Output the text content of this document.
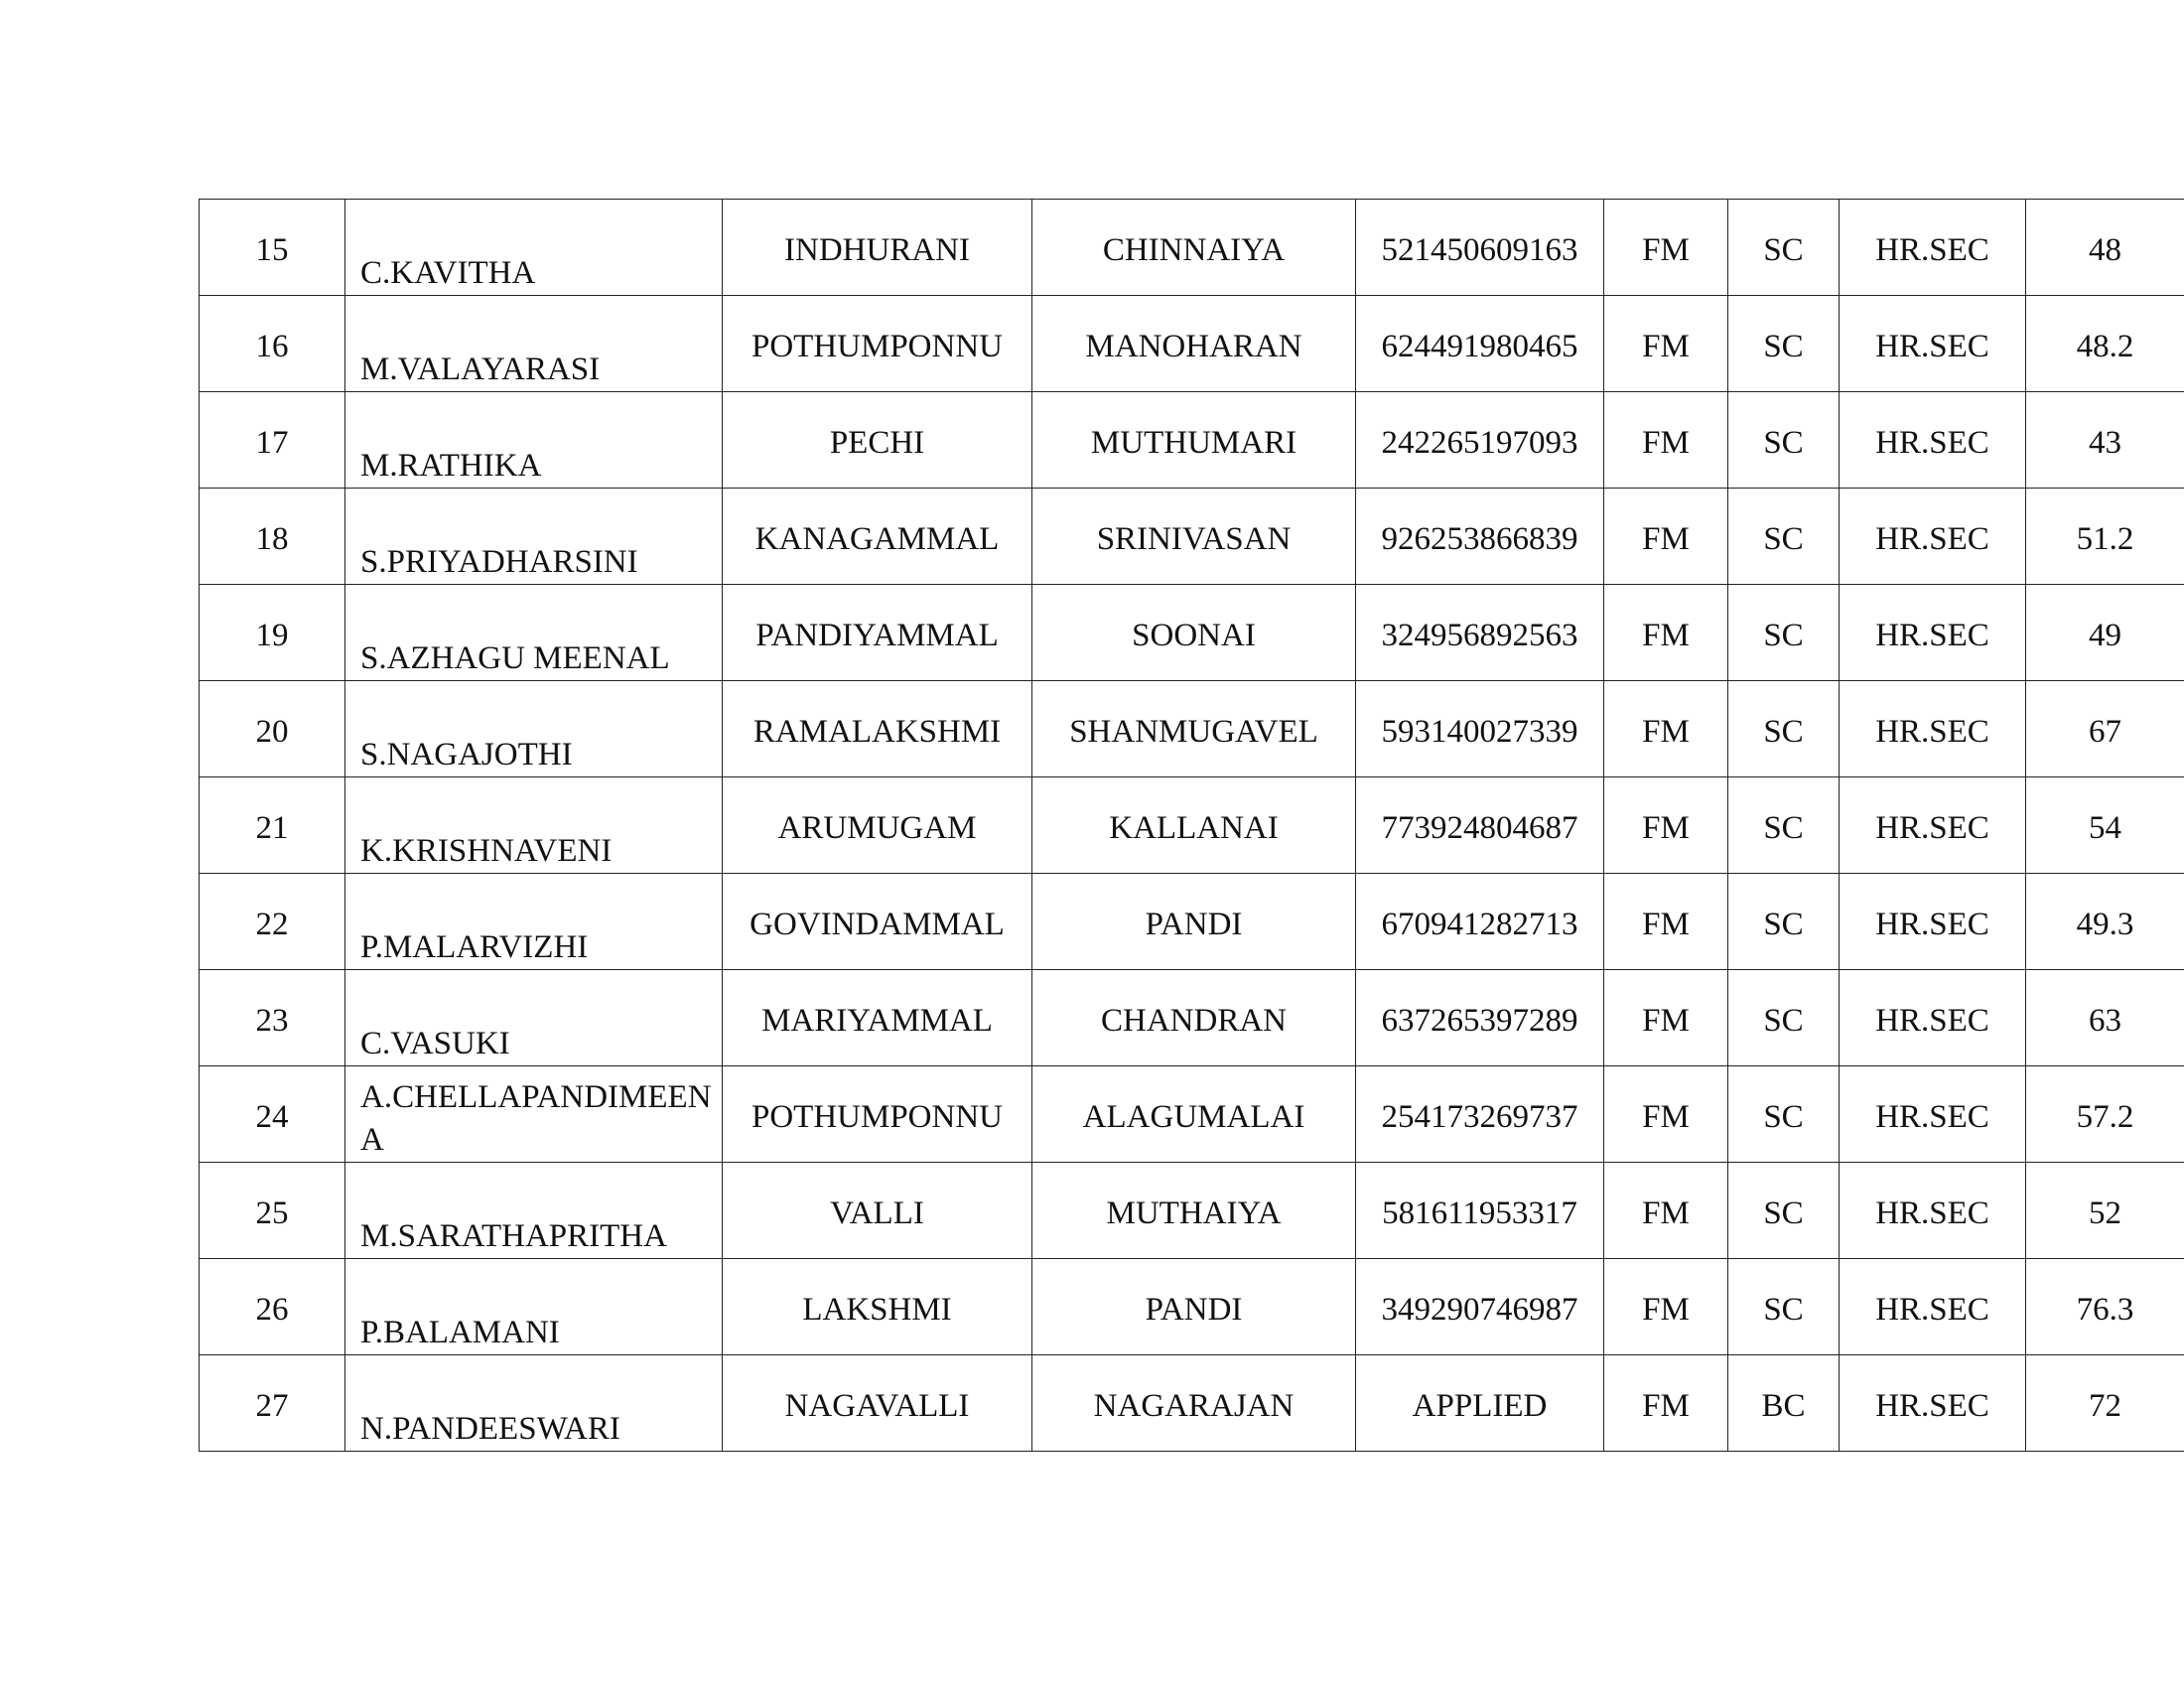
15	C.KAVITHA	INDHURANI	CHINNAIYA	521450609163	FM	SC	HR.SEC	48
16	M.VALAYARASI	POTHUMPONNU	MANOHARAN	624491980465	FM	SC	HR.SEC	48.2
17	M.RATHIKA	PECHI	MUTHUMARI	242265197093	FM	SC	HR.SEC	43
18	S.PRIYADHARSINI	KANAGAMMAL	SRINIVASAN	926253866839	FM	SC	HR.SEC	51.2
19	S.AZHAGU MEENAL	PANDIYAMMAL	SOONAI	324956892563	FM	SC	HR.SEC	49
20	S.NAGAJOTHI	RAMALAKSHMI	SHANMUGAVEL	593140027339	FM	SC	HR.SEC	67
21	K.KRISHNAVENI	ARUMUGAM	KALLANAI	773924804687	FM	SC	HR.SEC	54
22	P.MALARVIZHI	GOVINDAMMAL	PANDI	670941282713	FM	SC	HR.SEC	49.3
23	C.VASUKI	MARIYAMMAL	CHANDRAN	637265397289	FM	SC	HR.SEC	63
24	A.CHELLAPANDIMEENA	POTHUMPONNU	ALAGUMALAI	254173269737	FM	SC	HR.SEC	57.2
25	M.SARATHAPRITHA	VALLI	MUTHAIYA	581611953317	FM	SC	HR.SEC	52
26	P.BALAMANI	LAKSHMI	PANDI	349290746987	FM	SC	HR.SEC	76.3
27	N.PANDEESWARI	NAGAVALLI	NAGARAJAN	APPLIED	FM	BC	HR.SEC	72
